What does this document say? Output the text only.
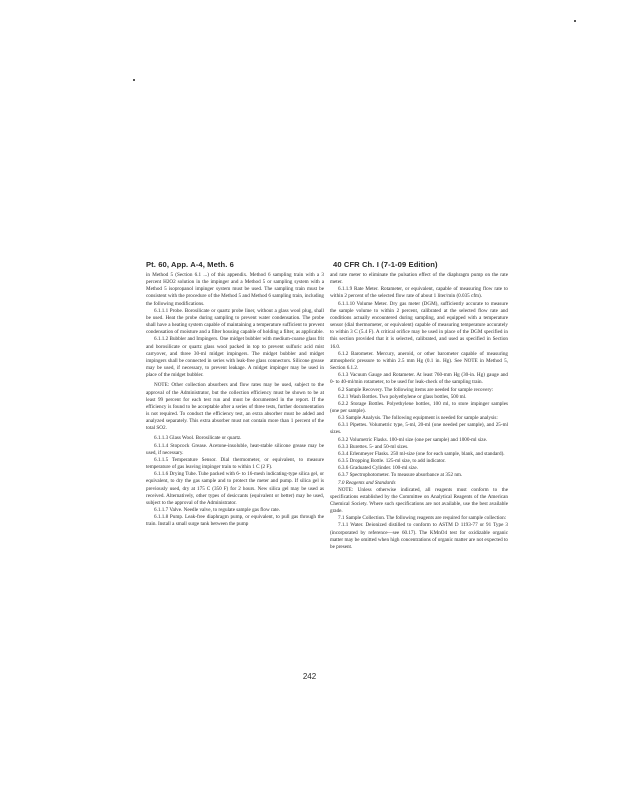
Pt. 60, App. A-4, Meth. 6	40 CFR Ch. I (7-1-09 Edition)

in Method 5 (Section 6.1 ...) of this appendix. Method 6 sampling train with a 3 percent H2O2 solution in the impinger and a Method 5 or sampling system with a Method 5 isopropanol impinger system must be used. The sampling train must be consistent with the procedure of the Method 5 and Method 6 sampling train, including the following modifications.

6.1.1.1 Probe. Borosilicate or quartz probe liner, without a glass wool plug, shall be used. Heat the probe during sampling to prevent water condensation. The probe shall have a heating system capable of maintaining a temperature sufficient to prevent condensation of moisture and a filter housing capable of holding a filter, as applicable.

6.1.1.2 Bubbler and Impingers. One midget bubbler with medium-coarse glass frit and borosilicate or quartz glass wool packed in top to prevent sulfuric acid mist carryover, and three 30-ml midget impingers. The midget bubbler and midget impingers shall be connected in series with leak-free glass connectors. Silicone grease may be used, if necessary, to prevent leakage. A midget impinger may be used in place of the midget bubbler.

NOTE: Other collection absorbers and flow rates may be used, subject to the approval of the Administrator, but the collection efficiency must be shown to be at least 99 percent for each test run and must be documented in the report. If the efficiency is found to be acceptable after a series of three tests, further documentation is not required. To conduct the efficiency test, an extra absorber must be added and analyzed separately. This extra absorber must not contain more than 1 percent of the total SO2.

6.1.1.3 Glass Wool. Borosilicate or quartz.

6.1.1.4 Stopcock Grease. Acetone-insoluble, heat-stable silicone grease may be used, if necessary.

6.1.1.5 Temperature Sensor. Dial thermometer, or equivalent, to measure temperature of gas leaving impinger train to within 1 C (2 F).

6.1.1.6 Drying Tube. Tube packed with 6- to 16-mesh indicating-type silica gel, or equivalent, to dry the gas sample and to protect the meter and pump. If silica gel is previously used, dry at 175 C (350 F) for 2 hours. New silica gel may be used as received. Alternatively, other types of desiccants (equivalent or better) may be used, subject to the approval of the Administrator.

6.1.1.7 Valve. Needle valve, to regulate sample gas flow rate.

6.1.1.8 Pump. Leak-free diaphragm pump, or equivalent, to pull gas through the train. Install a small surge tank between the pump

and rate meter to eliminate the pulsation effect of the diaphragm pump on the rate meter.

6.1.1.9 Rate Meter. Rotameter, or equivalent, capable of measuring flow rate to within 2 percent of the selected flow rate of about 1 liter/min (0.035 cfm).

6.1.1.10 Volume Meter. Dry gas meter (DGM), sufficiently accurate to measure the sample volume to within 2 percent, calibrated at the selected flow rate and conditions actually encountered during sampling, and equipped with a temperature sensor (dial thermometer, or equivalent) capable of measuring temperature accurately to within 3 C (5.4 F). A critical orifice may be used in place of the DGM specified in this section provided that it is selected, calibrated, and used as specified in Section 16.0.

6.1.2 Barometer. Mercury, aneroid, or other barometer capable of measuring atmospheric pressure to within 2.5 mm Hg (0.1 in. Hg). See NOTE in Method 5, Section 6.1.2.

6.1.3 Vacuum Gauge and Rotameter. At least 760-mm Hg (30-in. Hg) gauge and 0- to 40-ml/min rotameter, to be used for leak-check of the sampling train.

6.2 Sample Recovery. The following items are needed for sample recovery:

6.2.1 Wash Bottles. Two polyethylene or glass bottles, 500 ml.

6.2.2 Storage Bottles. Polyethylene bottles, 100 ml, to store impinger samples (one per sample).

6.3 Sample Analysis. The following equipment is needed for sample analysis:

6.3.1 Pipettes. Volumetric type, 5-ml, 20-ml (one needed per sample), and 25-ml sizes.

6.3.2 Volumetric Flasks. 100-ml size (one per sample) and 1000-ml size.

6.3.3 Burettes. 5- and 50-ml sizes.

6.3.4 Erlenmeyer Flasks. 250 ml-size (one for each sample, blank, and standard).

6.3.5 Dropping Bottle. 125-ml size, to add indicator.

6.3.6 Graduated Cylinder. 100-ml size.

6.3.7 Spectrophotometer. To measure absorbance at 352 nm.

7.0 Reagents and Standards

NOTE: Unless otherwise indicated, all reagents must conform to the specifications established by the Committee on Analytical Reagents of the American Chemical Society. Where such specifications are not available, use the best available grade.

7.1 Sample Collection. The following reagents are required for sample collection:

7.1.1 Water. Deionized distilled to conform to ASTM D 1193-77 or 91 Type 3 (incorporated by reference—see 60.17). The KMnO4 test for oxidizable organic matter may be omitted when high concentrations of organic matter are not expected to be present.

242
